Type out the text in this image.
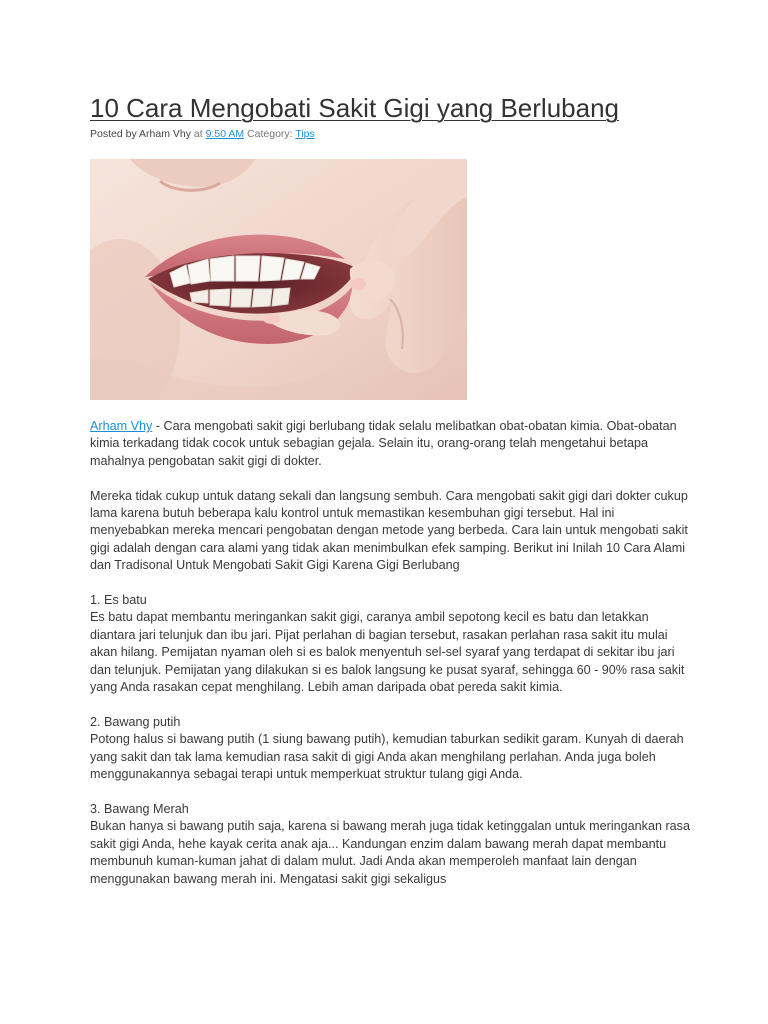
10 Cara Mengobati Sakit Gigi yang Berlubang
Posted by Arham Vhy at 9:50 AM Category: Tips

Arham Vhy - Cara mengobati sakit gigi berlubang tidak selalu melibatkan obat-obatan kimia. Obat-obatan kimia terkadang tidak cocok untuk sebagian gejala. Selain itu, orang-orang telah mengetahui betapa mahalnya pengobatan sakit gigi di dokter.

Mereka tidak cukup untuk datang sekali dan langsung sembuh. Cara mengobati sakit gigi dari dokter cukup lama karena butuh beberapa kalu kontrol untuk memastikan kesembuhan gigi tersebut. Hal ini menyebabkan mereka mencari pengobatan dengan metode yang berbeda. Cara lain untuk mengobati sakit gigi adalah dengan cara alami yang tidak akan menimbulkan efek samping. Berikut ini Inilah 10 Cara Alami dan Tradisonal Untuk Mengobati Sakit Gigi Karena Gigi Berlubang

1. Es batu
Es batu dapat membantu meringankan sakit gigi, caranya ambil sepotong kecil es batu dan letakkan diantara jari telunjuk dan ibu jari. Pijat perlahan di bagian tersebut, rasakan perlahan rasa sakit itu mulai akan hilang. Pemijatan nyaman oleh si es balok menyentuh sel-sel syaraf yang terdapat di sekitar ibu jari dan telunjuk. Pemijatan yang dilakukan si es balok langsung ke pusat syaraf, sehingga 60 - 90% rasa sakit yang Anda rasakan cepat menghilang. Lebih aman daripada obat pereda sakit kimia.

2. Bawang putih
Potong halus si bawang putih (1 siung bawang putih), kemudian taburkan sedikit garam. Kunyah di daerah yang sakit dan tak lama kemudian rasa sakit di gigi Anda akan menghilang perlahan. Anda juga boleh menggunakannya sebagai terapi untuk memperkuat struktur tulang gigi Anda.

3. Bawang Merah
Bukan hanya si bawang putih saja, karena si bawang merah juga tidak ketinggalan untuk meringankan rasa sakit gigi Anda, hehe kayak cerita anak aja... Kandungan enzim dalam bawang merah dapat membantu membunuh kuman-kuman jahat di dalam mulut. Jadi Anda akan memperoleh manfaat lain dengan menggunakan bawang merah ini. Mengatasi sakit gigi sekaligus
